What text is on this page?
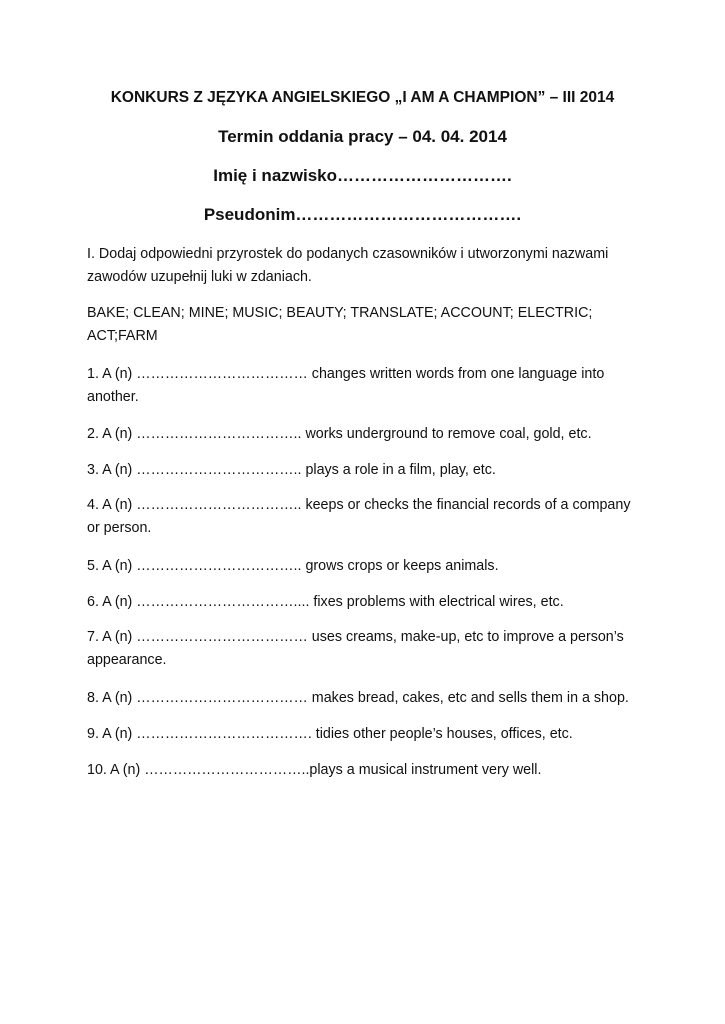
KONKURS Z JĘZYKA ANGIELSKIEGO „I AM A CHAMPION” – III 2014
Termin oddania pracy – 04. 04. 2014
Imię i nazwisko………………………….
Pseudonim………………………………….

I. Dodaj odpowiedni przyrostek do podanych czasowników i utworzonymi nazwami zawodów uzupełnij luki w zdaniach.

BAKE; CLEAN; MINE; MUSIC; BEAUTY; TRANSLATE; ACCOUNT; ELECTRIC; ACT;FARM

1. A (n) ……………………………… changes written words from one language into another.

2. A (n) …………………………….. works underground to remove coal, gold, etc.

3. A (n) …………………………….. plays a role in a film, play, etc.

4. A (n) …………………………….. keeps or checks the financial records of a company or person.

5. A (n) …………………………….. grows crops or keeps animals.

6. A (n) …………………………….... fixes problems with electrical wires, etc.

7. A (n) ……………………………… uses creams, make-up, etc to improve a person’s appearance.

8. A (n) ……………………………… makes bread, cakes, etc and sells them in a shop.

9. A (n) ………………………………. tidies other people’s houses, offices, etc.

10. A (n) ……………………………..plays a musical instrument very well.
